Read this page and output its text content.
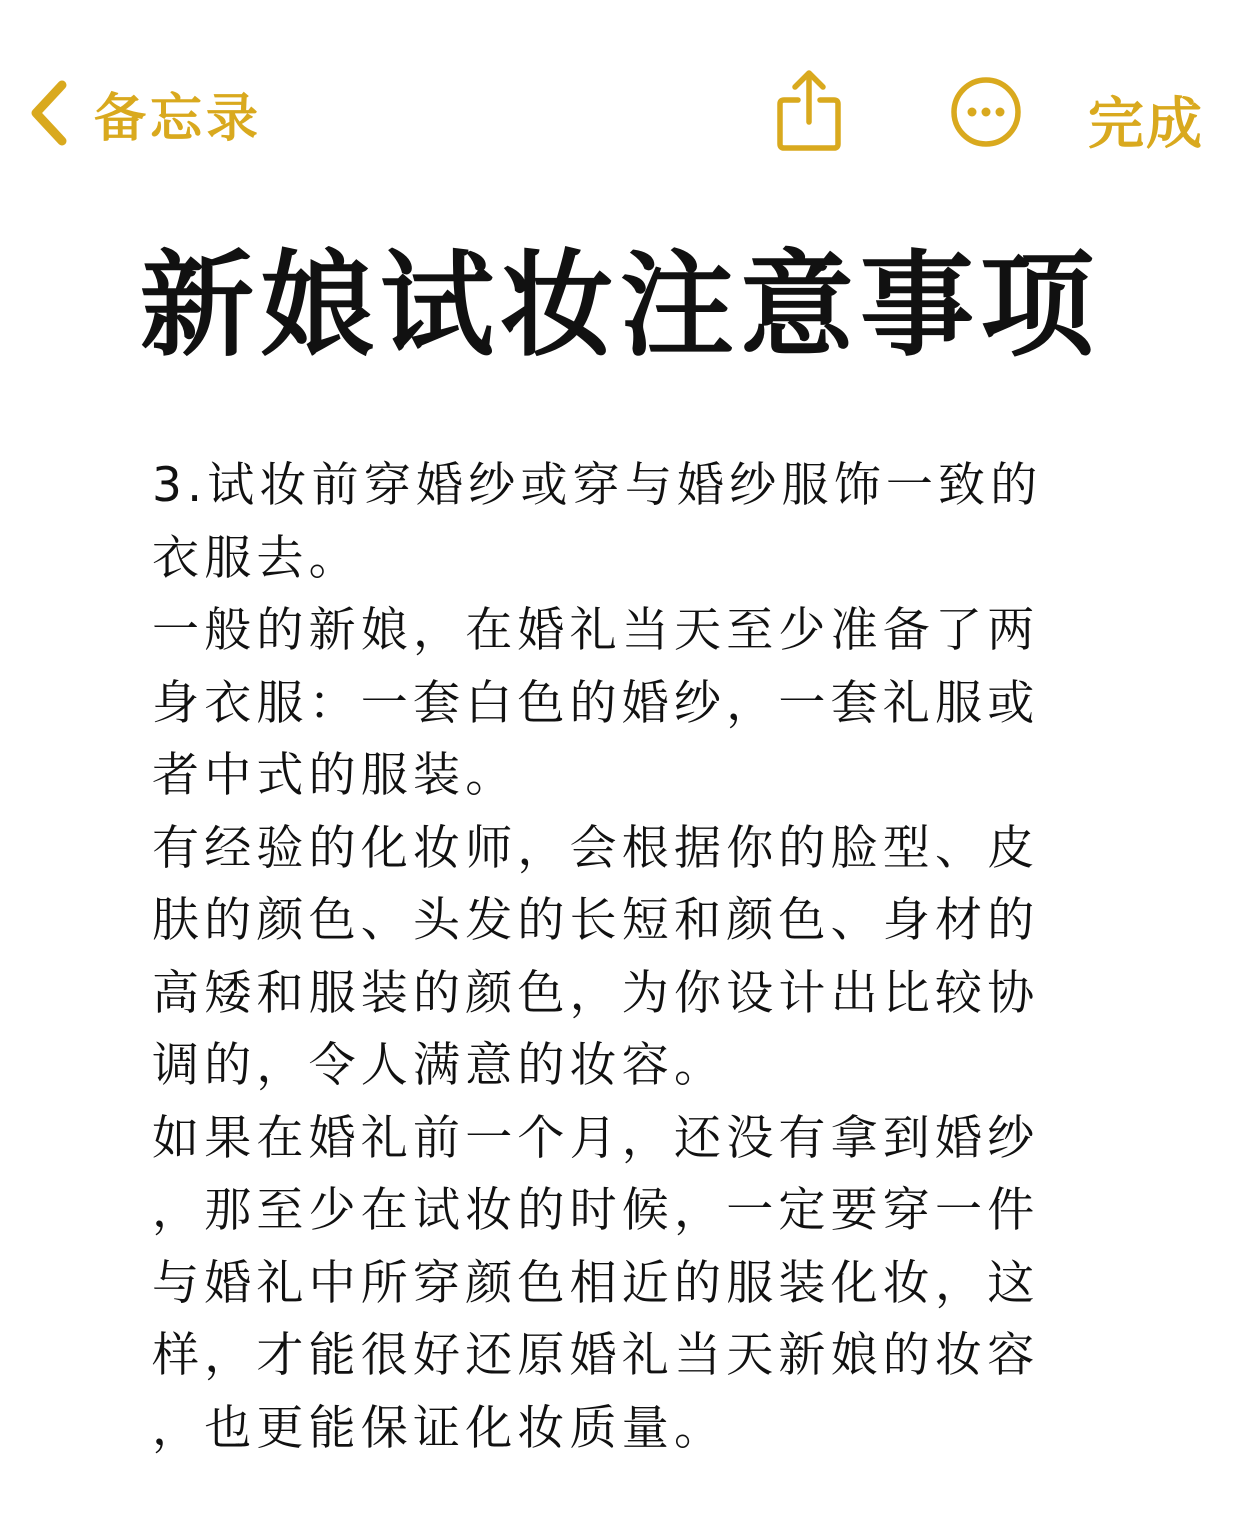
备忘录	完成
新娘试妆注意事项
3.试妆前穿婚纱或穿与婚纱服饰一致的
衣服去。
一般的新娘，在婚礼当天至少准备了两
身衣服：一套白色的婚纱，一套礼服或
者中式的服装。
有经验的化妆师，会根据你的脸型、皮
肤的颜色、头发的长短和颜色、身材的
高矮和服装的颜色，为你设计出比较协
调的，令人满意的妆容。
如果在婚礼前一个月，还没有拿到婚纱
，那至少在试妆的时候，一定要穿一件
与婚礼中所穿颜色相近的服装化妆，这
样，才能很好还原婚礼当天新娘的妆容
，也更能保证化妆质量。
